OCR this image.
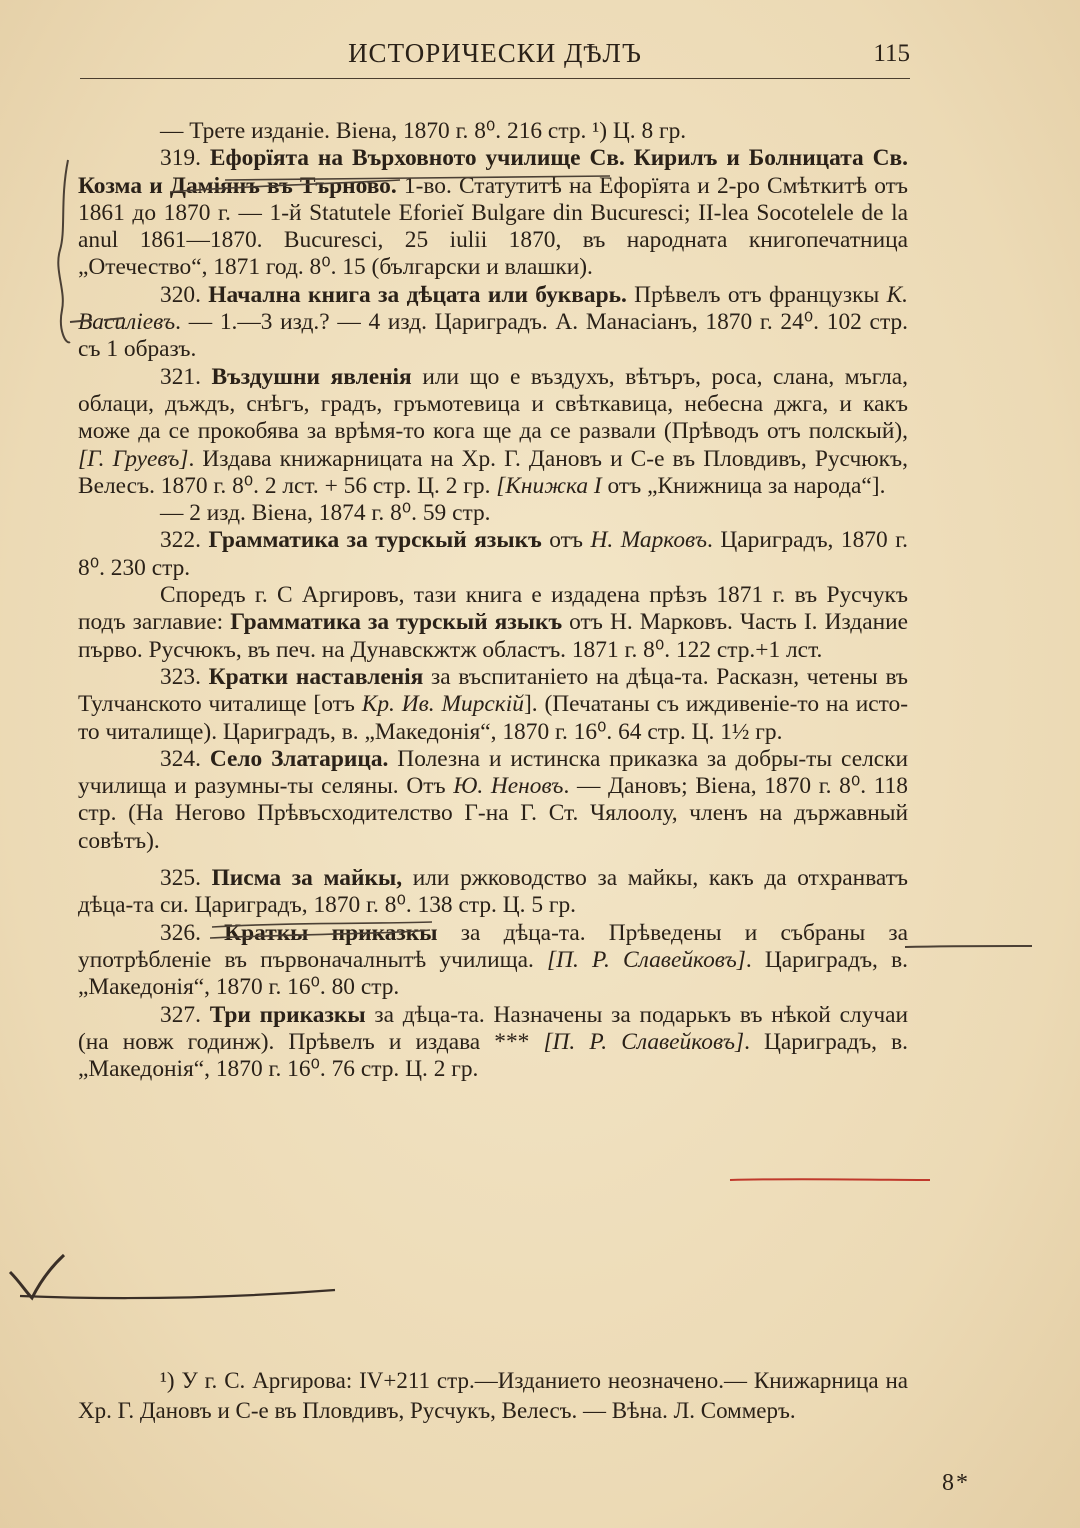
ИСТОРИЧЕСКИ ДѢЛЪ	115

— Трете изданіе. Віена, 1870 г. 8⁰. 216 стр. ¹) Ц. 8 гр.

319. Ефорїята на Върховното училище Св. Кирилъ и Болницата Св. Козма и Даміянъ въ Търново. 1-во. Статутитѣ на Ефорїята и 2-ро Смѣткитѣ отъ 1861 до 1870 г. — 1-й Statutele Eforieĭ Bulgare din Bucuresci; II-lea Socotelele de la anul 1861—1870. Bucuresci, 25 iulii 1870, въ народната книгопечатница „Отечество“, 1871 год. 8⁰. 15 (български и влашки).

320. Начална книга за дѣцата или букварь. Прѣвелъ отъ французкы К. Василіевъ. — 1.—3 изд.? — 4 изд. Цариградъ. А. Манасіанъ, 1870 г. 24⁰. 102 стр. съ 1 образъ.

321. Въздушни явленія или що е въздухъ, вѣтъръ, роса, слана, мъгла, облаци, дъждъ, снѣгъ, градъ, гръмотевица и свѣткавица, небесна джга, и какъ може да се прокобява за врѣмя-то кога ще да се развали (Прѣводъ отъ полскый), [Г. Груевъ]. Издава книжарницата на Хр. Г. Дановъ и С-е въ Пловдивъ, Русчюкъ, Велесъ. 1870 г. 8⁰. 2 лст. + 56 стр. Ц. 2 гр. [Книжка I отъ „Книжница за народа“].

— 2 изд. Віена, 1874 г. 8⁰. 59 стр.

322. Грамматика за турскый языкъ отъ Н. Марковъ. Цариградъ, 1870 г. 8⁰. 230 стр.

Споредъ г. С Аргировъ, тази книга е издадена прѣзъ 1871 г. въ Русчукъ подъ заглавие: Грамматика за турскый языкъ отъ Н. Марковъ. Часть I. Издание първо. Русчюкъ, въ печ. на Дунавскжтж областъ. 1871 г. 8⁰. 122 стр.+1 лст.

323. Кратки наставленія за въспитаніето на дѣца-та. Расказн, четены въ Тулчанското читалище [отъ Кр. Ив. Мирскій]. (Печатаны съ иждивеніе-то на исто-то читалище). Цариградъ, в. „Македонія“, 1870 г. 16⁰. 64 стр. Ц. 1½ гр.

324. Село Златарица. Полезна и истинска приказка за добры-ты селски училища и разумны-ты селяны. Отъ Ю. Неновъ. — Дановъ; Віена, 1870 г. 8⁰. 118 стр. (На Негово Прѣвъсходителство Г-на Г. Ст. Чялоолу, членъ на държавный совѣтъ).

325. Писма за майкы, или ржководство за майкы, какъ да отхранватъ дѣца-та си. Цариградъ, 1870 г. 8⁰. 138 стр. Ц. 5 гр.

326. Краткы приказкы за дѣца-та. Прѣведены и събраны за употрѣбленіе въ първоначалнытѣ училища. [П. Р. Славейковъ]. Цариградъ, в. „Македонія“, 1870 г. 16⁰. 80 стр.

327. Три приказкы за дѣца-та. Назначены за подарькъ въ нѣкой случаи (на новж годинж). Прѣвелъ и издава *** [П. Р. Славейковъ]. Цариградъ, в. „Македонія“, 1870 г. 16⁰. 76 стр. Ц. 2 гр.

¹) У г. С. Аргирова: IV+211 стр.—Изданието неозначено.— Книжарница на Хр. Г. Дановъ и С-е въ Пловдивъ, Русчукъ, Велесъ. — Вѣна. Л. Соммеръ.

8*
